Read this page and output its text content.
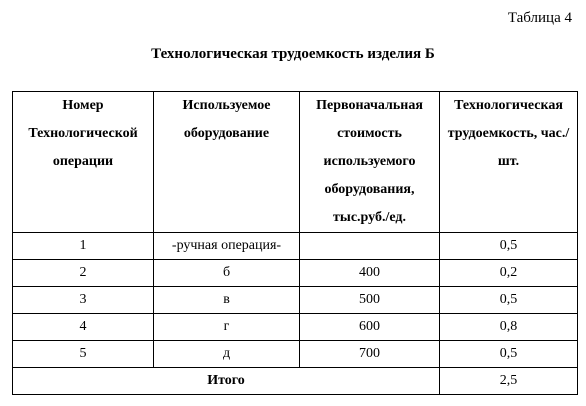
Таблица 4
Технологическая трудоемкость изделия Б
Номер Технологической операции	Используемое оборудование	Первоначальная стоимость используемого оборудования, тыс.руб./ед.	Технологическая трудоемкость, час./шт.
1	-ручная операция-		0,5
2	б	400	0,2
3	в	500	0,5
4	г	600	0,8
5	д	700	0,5
Итого			2,5
